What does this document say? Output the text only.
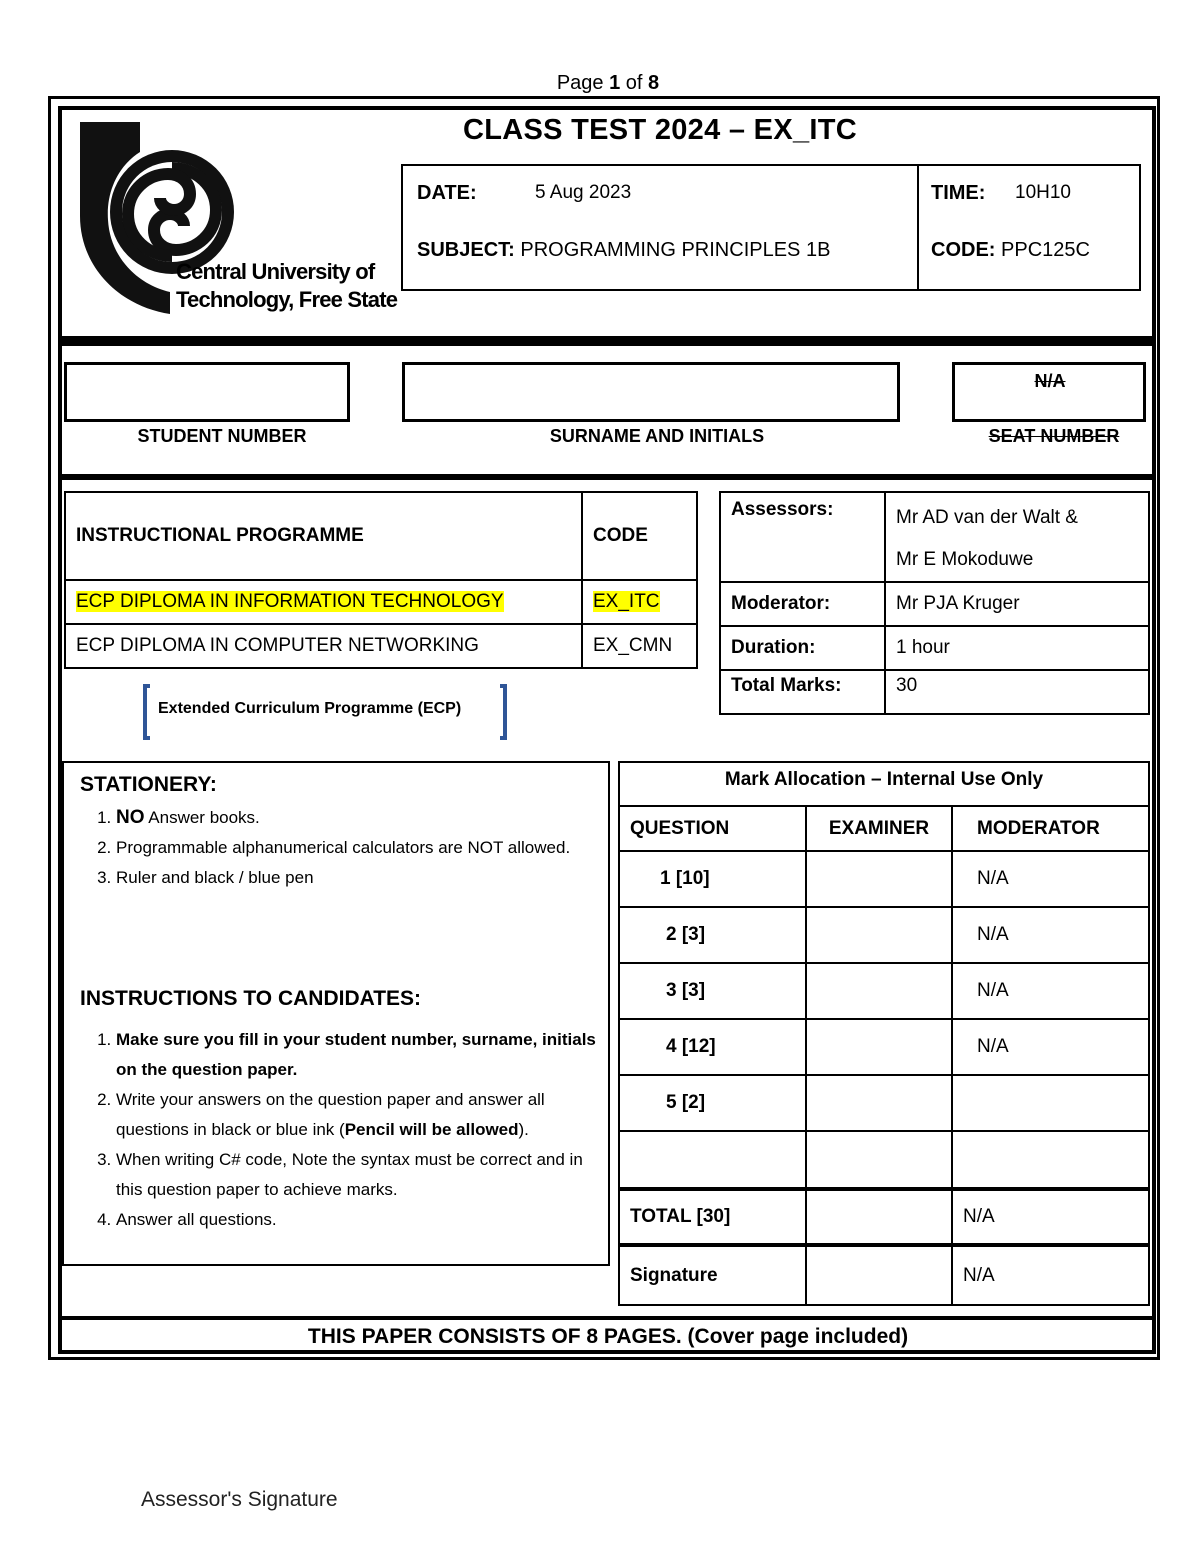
Page 1 of 8
Central University of
Technology, Free State
CLASS TEST 2024 – EX_ITC
DATE:	5 Aug 2023
SUBJECT: PROGRAMMING PRINCIPLES 1B
TIME: 10H10
CODE: PPC125C
N/A
STUDENT NUMBER	SURNAME AND INITIALS	SEAT NUMBER
INSTRUCTIONAL PROGRAMME	CODE
ECP DIPLOMA IN INFORMATION TECHNOLOGY	EX_ITC
ECP DIPLOMA IN COMPUTER NETWORKING	EX_CMN
Extended Curriculum Programme (ECP)
Assessors:	Mr AD van der Walt &
Mr E Mokoduwe

Moderator:	Mr PJA Kruger
Duration:	1 hour
Total Marks:	30
STATIONERY:
1. NO Answer books.
2. Programmable alphanumerical calculators are NOT allowed.
3. Ruler and black / blue pen
INSTRUCTIONS TO CANDIDATES:
1. Make sure you fill in your student number, surname, initials on the question paper.
2. Write your answers on the question paper and answer all questions in black or blue ink (Pencil will be allowed).
3. When writing C# code, Note the syntax must be correct and in this question paper to achieve marks.
4. Answer all questions.
Mark Allocation – Internal Use Only
QUESTION	EXAMINER	MODERATOR
1 [10]		N/A
2 [3]		N/A
3 [3]		N/A
4 [12]		N/A
5 [2]		

TOTAL [30]		N/A
Signature		N/A
THIS PAPER CONSISTS OF 8 PAGES. (Cover page included)
Assessor's Signature
